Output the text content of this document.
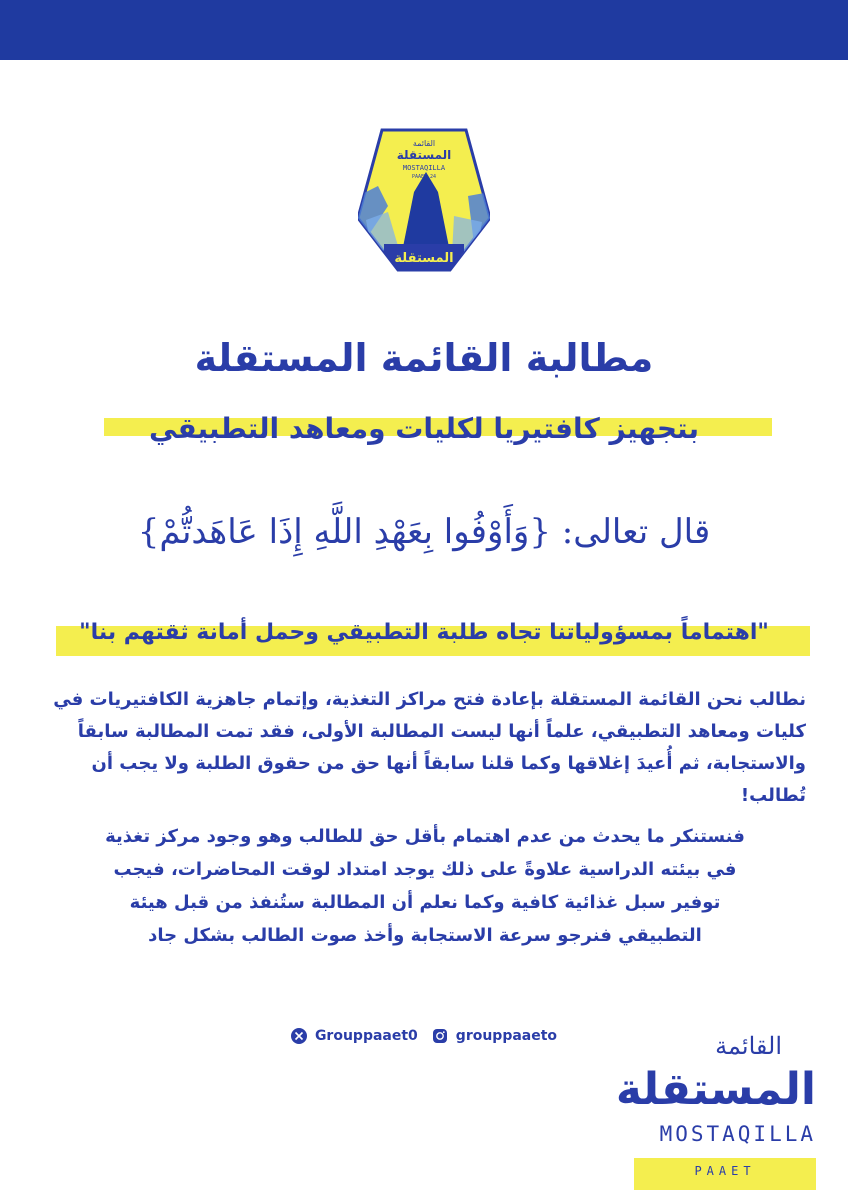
القائمة
المستقلة
MOSTAQILLA
PAAET 24
المستقلة
مطالبة القائمة المستقلة
بتجهيز كافتيريا لكليات ومعاهد التطبيقي
قال تعالى: {وَأَوْفُوا بِعَهْدِ اللَّهِ إِذَا عَاهَدتُّمْ}
"اهتماماً بمسؤولياتنا تجاه طلبة التطبيقي وحمل أمانة ثقتهم بنا"
نطالب نحن القائمة المستقلة بإعادة فتح مراكز التغذية، وإتمام جاهزية الكافتيريات في كليات ومعاهد التطبيقي، علماً أنها ليست المطالبة الأولى، فقد تمت المطالبة سابقاً والاستجابة، ثم أُعيدَ إغلاقها وكما قلنا سابقاً أنها حق من حقوق الطلبة ولا يجب أن تُطالب!
فنستنكر ما يحدث من عدم اهتمام بأقل حق للطالب وهو وجود مركز تغذية في بيئته الدراسية علاوةً على ذلك يوجد امتداد لوقت المحاضرات، فيجب توفير سبل غذائية كافية وكما نعلم أن المطالبة ستُنفذ من قبل هيئة التطبيقي فنرجو سرعة الاستجابة وأخذ صوت الطالب بشكل جاد
Grouppaaet0	grouppaaeto	القائمة
المستقلة
MOSTAQILLA
PAAET
